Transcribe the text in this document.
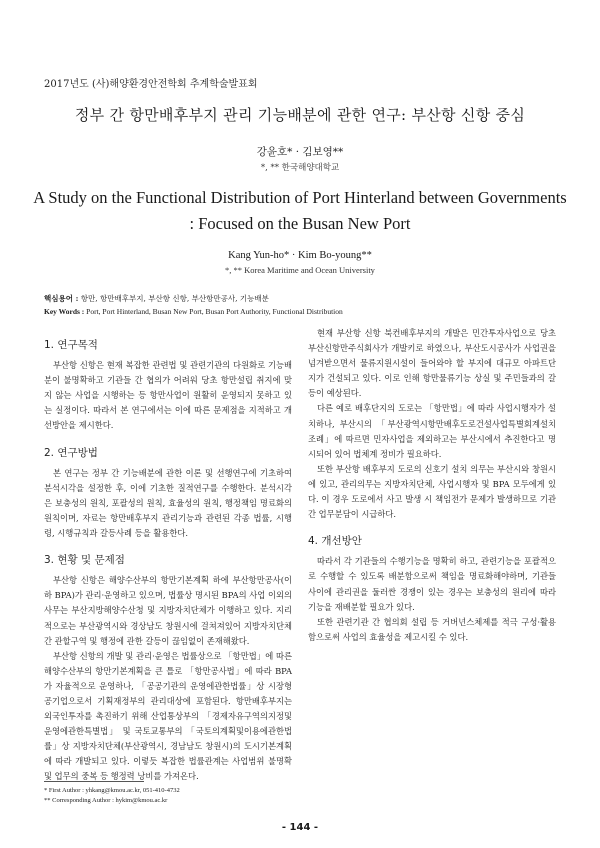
2017년도 (사)해양환경안전학회 추계학술발표회
정부 간 항만배후부지 관리 기능배분에 관한 연구: 부산항 신항 중심
강윤호* · 김보영**
*, ** 한국해양대학교
A Study on the Functional Distribution of Port Hinterland between Governments
: Focused on the Busan New Port
Kang Yun-ho* · Kim Bo-young**
*, ** Korea Maritime and Ocean University
핵심용어 : 항만, 항만배후부지, 부산항 신항, 부산항만공사, 기능배분
Key Words : Port, Port Hinterland, Busan New Port, Busan Port Authority, Functional Distribution
1. 연구목적

부산항 신항은 현재 복잡한 관련법 및 관련기관의 다원화로 기능배분이 불명확하고 기관들 간 협의가 어려워 당초 항만설립 취지에 맞지 않는 사업을 시행하는 등 항만사업이 원활히 운영되지 못하고 있는 실정이다. 따라서 본 연구에서는 이에 따른 문제점을 지적하고 개선방안을 제시한다.

2. 연구방법

본 연구는 정부 간 기능배분에 관한 이론 및 선행연구에 기초하여 분석시각을 설정한 후, 이에 기초한 질적연구를 수행한다. 분석시각은 보충성의 원칙, 포괄성의 원칙, 효율성의 원칙, 행정책임 명료화의 원칙이며, 자료는 항만배후부지 관리기능과 관련된 각종 법률, 시행령, 시행규칙과 갈등사례 등을 활용한다.

3. 현황 및 문제점

부산항 신항은 해양수산부의 항만기본계획 하에 부산항만공사(이하 BPA)가 관리·운영하고 있으며, 법률상 명시된 BPA의 사업 이외의 사무는 부산지방해양수산청 및 지방자치단체가 이행하고 있다. 지리적으로는 부산광역시와 경상남도 창원시에 걸쳐져있어 지방자치단체 간 관할구역 및 행정에 관한 갈등이 끊임없이 존재해왔다.

부산항 신항의 개발 및 관리·운영은 법률상으로 「항만법」에 따른 해양수산부의 항만기본계획을 큰 틀로 「항만공사법」에 따라 BPA가 자율적으로 운영하나, 「공공기관의 운영에관한법률」상 시장형 공기업으로서 기획재정부의 관리대상에 포함된다. 항만배후부지는 외국인투자를 촉진하기 위해 산업통상부의 「경제자유구역의지정및운영에관한특별법」 및 국토교통부의 「국토의계획및이용에관한법률」상 지방자치단체(부산광역시, 경남남도 창원시)의 도시기본계획에 따라 개발되고 있다. 이렇듯 복잡한 법률관계는 사업범위 불명확 및 업무의 중복 등 행정력 낭비를 가져온다.

현재 부산항 신항 북컨배후부지의 개발은 민간투자사업으로 당초 부산신항만주식회사가 개발키로 하였으나, 부산도시공사가 사업권을 넘겨받으면서 물류지원시설이 들어와야 할 부지에 대규모 아파트단지가 건설되고 있다. 이로 인해 항만물류기능 상실 및 주민들과의 갈등이 예상된다.

다른 예로 배후단지의 도로는 「항만법」에 따라 사업시행자가 설치하나, 부산시의 「부산광역시항만배후도로건설사업특별회계설치조례」에 따르면 민자사업을 제외하고는 부산시에서 추진한다고 명시되어 있어 법체계 정비가 필요하다.

또한 부산항 배후부지 도로의 신호기 설치 의무는 부산시와 창원시에 있고, 관리의무는 지방자치단체, 사업시행자 및 BPA 모두에게 있다. 이 경우 도로에서 사고 발생 시 책임전가 문제가 발생하므로 기관 간 업무분담이 시급하다.

4. 개선방안

따라서 각 기관들의 수행기능을 명확히 하고, 관련기능을 포괄적으로 수행할 수 있도록 배분함으로써 책임을 명료화해야하며, 기관들 사이에 관리권을 둘러싼 경쟁이 있는 경우는 보충성의 원리에 따라 기능을 재배분할 필요가 있다.

또한 관련기관 간 협의회 설립 등 거버넌스체제를 적극 구성·활용함으로써 사업의 효율성을 제고시킬 수 있다.

* First Author : yhkang@kmou.ac.kr, 051-410-4732
** Corresponding Author : hykim@kmou.ac.kr
- 144 -
